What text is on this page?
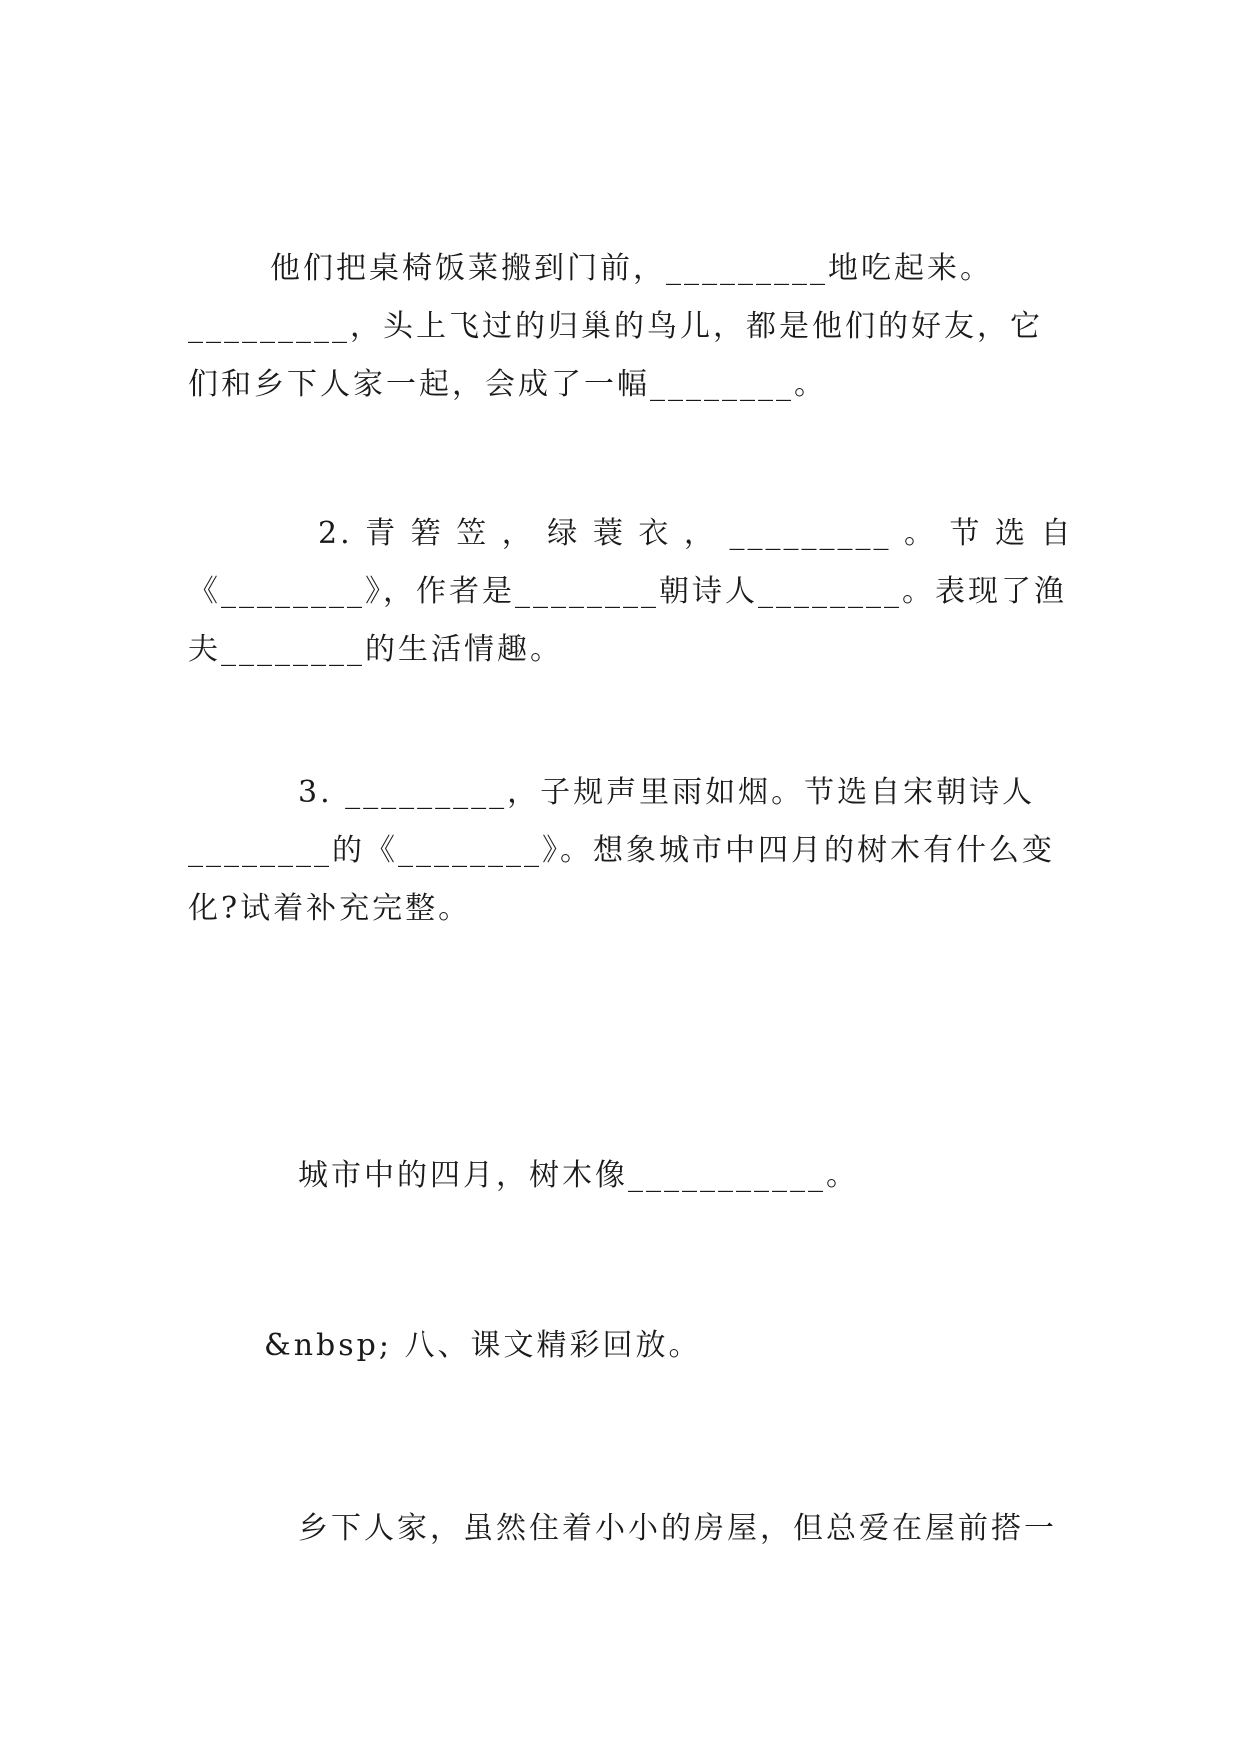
他们把桌椅饭菜搬到门前，_________地吃起来。
_________，头上飞过的归巢的鸟儿，都是他们的好友，它
们和乡下人家一起，会成了一幅________。
2. 青 箬 笠 ， 绿 蓑 衣 ， _________ 。 节 选 自
《________》，作者是________朝诗人________。表现了渔
夫________的生活情趣。
3. _________，子规声里雨如烟。节选自宋朝诗人
________的《________》。想象城市中四月的树木有什么变
化?试着补充完整。
城市中的四月，树木像___________。
&nbsp; 八、课文精彩回放。
乡下人家，虽然住着小小的房屋，但总爱在屋前搭一
